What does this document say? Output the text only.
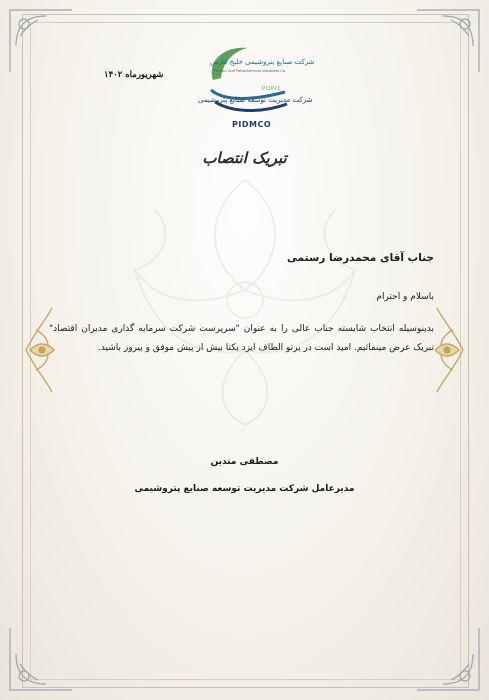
شرکت صنایع پتروشیمی خلیج فارس
Persian Gulf Petrochemical Industries Co.
POPIC
شرکت مدیریت توسعه صنایع پتروشیمی
PIDMCO
شهریورماه ۱۴۰۲
تبریک انتصاب
جناب آقای محمدرضا رستمی
باسلام و احترام
بدینوسیله انتخاب شایسته جناب عالی را به عنوان "سرپرست شرکت سرمایه گذاری مدیران اقتصاد" تبریک عرض مینمائیم. امید است در پرتو الطاف ایزد یکتا بیش از پیش موفق و پیروز باشید.
مصطفی متدین
مدیرعامل شرکت مدیریت توسعه صنایع پتروشیمی
